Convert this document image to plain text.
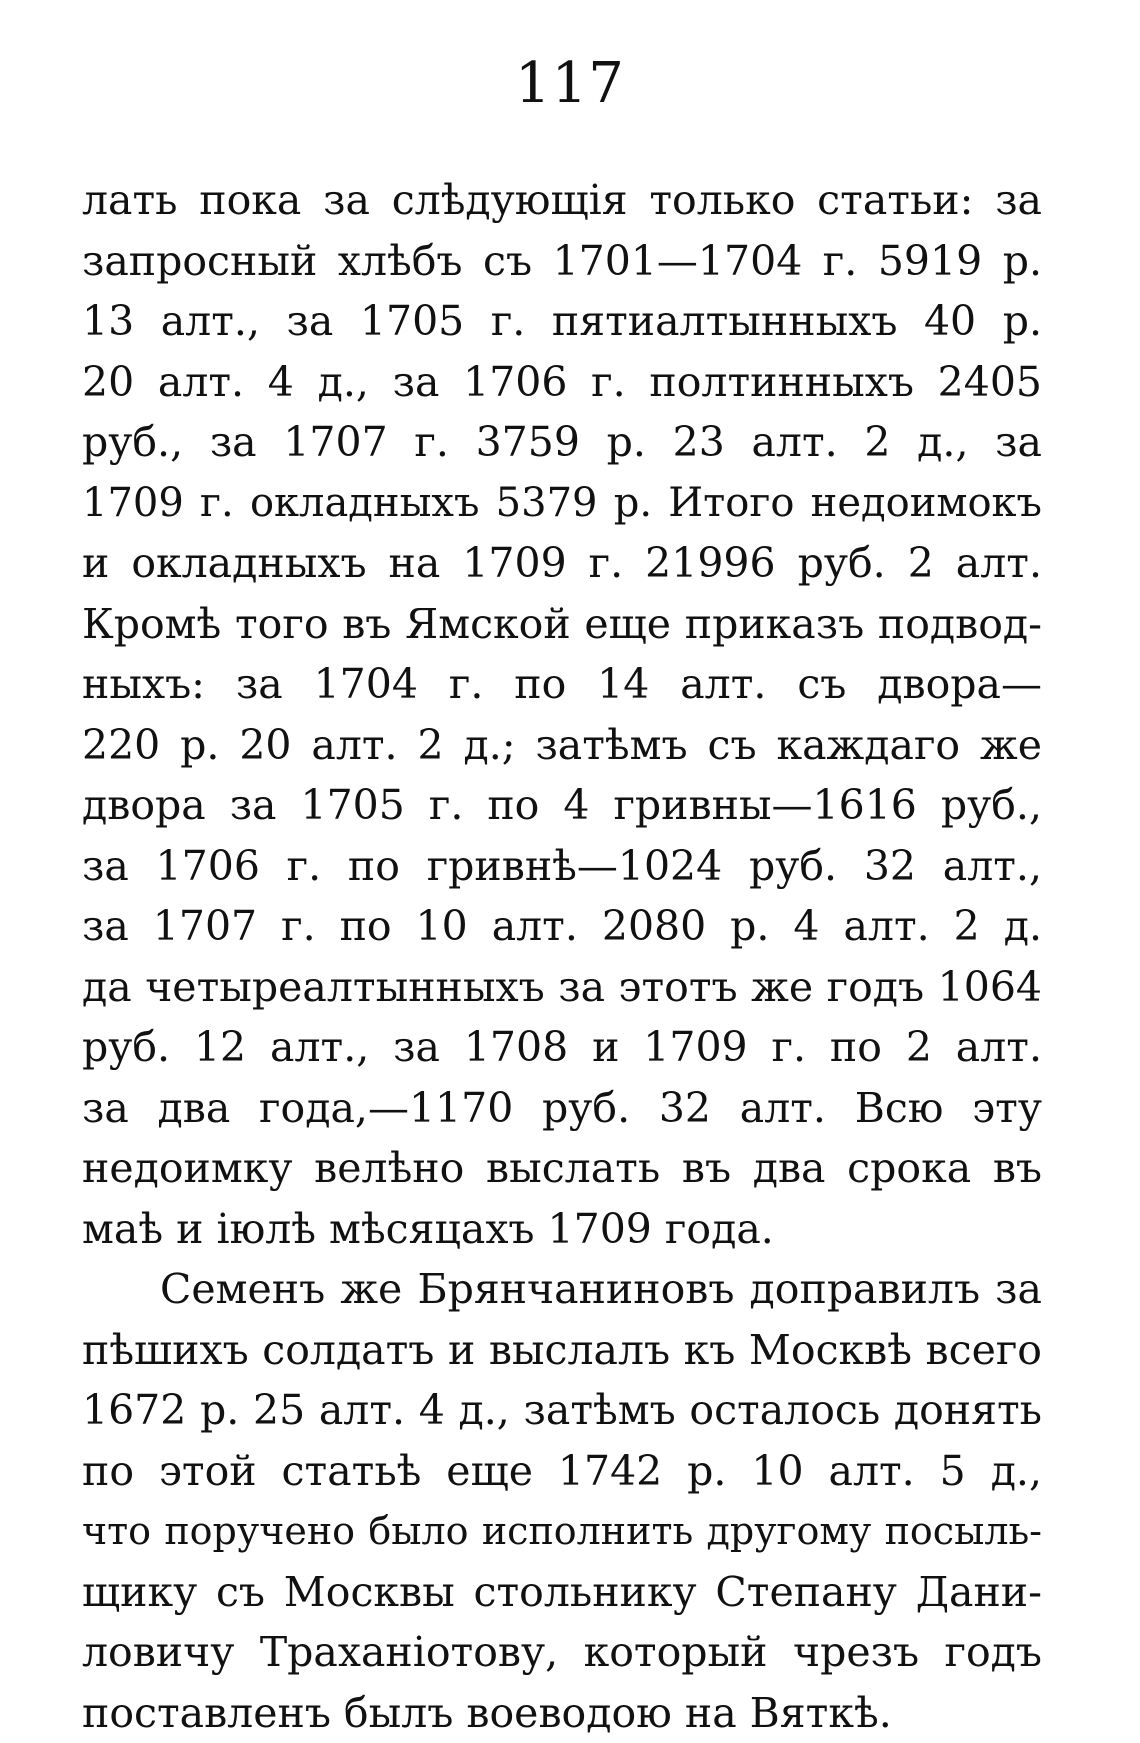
117
лать пока за слѣдующія только статьи: за
запросный хлѣбъ съ 1701—1704 г. 5919 р.
13 алт., за 1705 г. пятиалтынныхъ 40 р.
20 алт. 4 д., за 1706 г. полтинныхъ 2405
руб., за 1707 г. 3759 р. 23 алт. 2 д., за
1709 г. окладныхъ 5379 р. Итого недоимокъ
и окладныхъ на 1709 г. 21996 руб. 2 алт.
Кромѣ того въ Ямской еще приказъ подвод-
ныхъ: за 1704 г. по 14 алт. съ двора—
220 р. 20 алт. 2 д.; затѣмъ съ каждаго же
двора за 1705 г. по 4 гривны—1616 руб.,
за 1706 г. по гривнѣ—1024 руб. 32 алт.,
за 1707 г. по 10 алт. 2080 р. 4 алт. 2 д.
да четыреалтынныхъ за этотъ же годъ 1064
руб. 12 алт., за 1708 и 1709 г. по 2 алт.
за два года,—1170 руб. 32 алт. Всю эту
недоимку велѣно выслать въ два срока въ
маѣ и іюлѣ мѣсяцахъ 1709 года.
Семенъ же Брянчаниновъ доправилъ за
пѣшихъ солдатъ и выслалъ къ Москвѣ всего
1672 р. 25 алт. 4 д., затѣмъ осталось донять
по этой статьѣ еще 1742 р. 10 алт. 5 д.,
что поручено было исполнить другому посыль-
щику съ Москвы стольнику Степану Дани-
ловичу Траханіотову, который чрезъ годъ
поставленъ былъ воеводою на Вяткѣ.
